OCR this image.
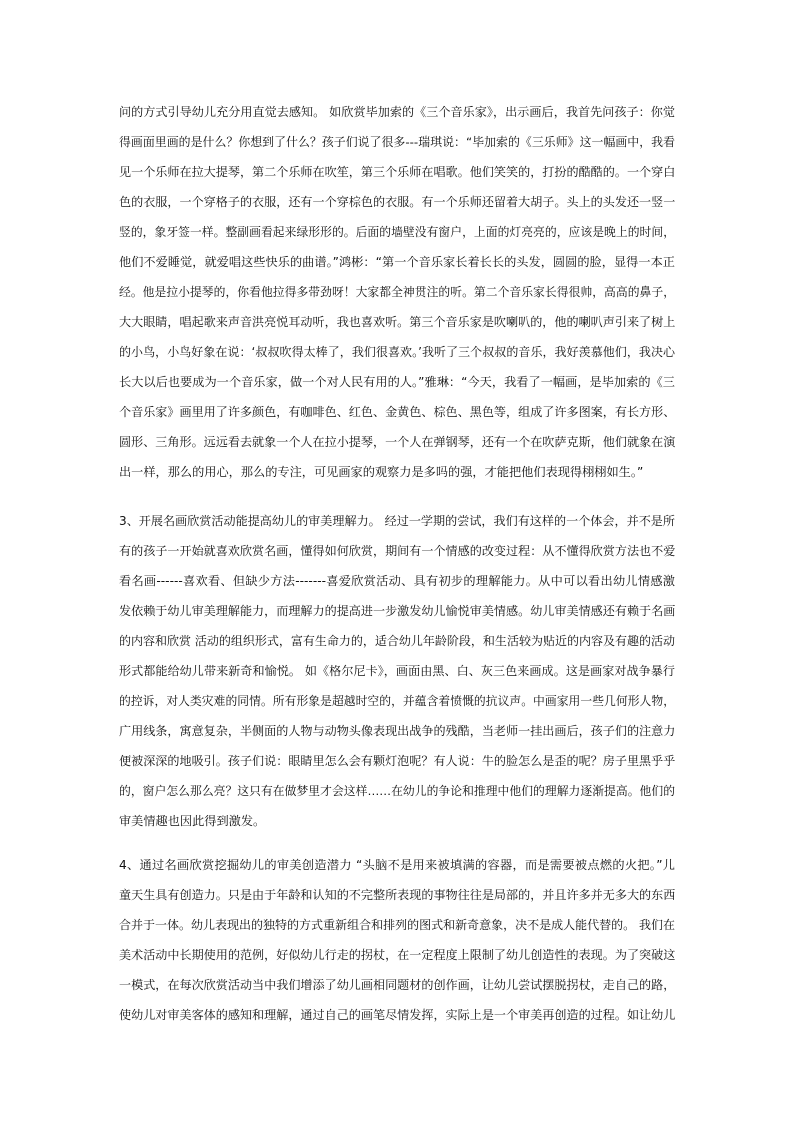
问的方式引导幼儿充分用直觉去感知。 如欣赏毕加索的《三个音乐家》，出示画后，我首先问孩子：你觉
得画面里画的是什么？你想到了什么？孩子们说了很多---瑞琪说：“毕加索的《三乐师》这一幅画中，我看
见一个乐师在拉大提琴，第二个乐师在吹笙，第三个乐师在唱歌。他们笑笑的，打扮的酷酷的。一个穿白
色的衣服，一个穿格子的衣服，还有一个穿棕色的衣服。有一个乐师还留着大胡子。头上的头发还一竖一
竖的，象牙签一样。整副画看起来绿形形的。后面的墙壁没有窗户，上面的灯亮亮的，应该是晚上的时间，
他们不爱睡觉，就爱唱这些快乐的曲谱。”鸿彬：“第一个音乐家长着长长的头发，圆圆的脸，显得一本正
经。他是拉小提琴的，你看他拉得多带劲呀！大家都全神贯注的听。第二个音乐家长得很帅，高高的鼻子，
大大眼睛，唱起歌来声音洪亮悦耳动听，我也喜欢听。第三个音乐家是吹喇叭的，他的喇叭声引来了树上
的小鸟，小鸟好象在说：‘叔叔吹得太棒了，我们很喜欢。’我听了三个叔叔的音乐，我好羡慕他们，我决心
长大以后也要成为一个音乐家，做一个对人民有用的人。”雅琳：“今天，我看了一幅画，是毕加索的《三
个音乐家》画里用了许多颜色，有咖啡色、红色、金黄色、棕色、黑色等，组成了许多图案，有长方形、
圆形、三角形。远远看去就象一个人在拉小提琴，一个人在弹钢琴，还有一个在吹萨克斯，他们就象在演
出一样，那么的用心，那么的专注，可见画家的观察力是多吗的强，才能把他们表现得栩栩如生。”
3、开展名画欣赏活动能提高幼儿的审美理解力。 经过一学期的尝试，我们有这样的一个体会，并不是所
有的孩子一开始就喜欢欣赏名画，懂得如何欣赏，期间有一个情感的改变过程：从不懂得欣赏方法也不爱
看名画------喜欢看、但缺少方法-------喜爱欣赏活动、具有初步的理解能力。从中可以看出幼儿情感激
发依赖于幼儿审美理解能力，而理解力的提高进一步激发幼儿愉悦审美情感。幼儿审美情感还有赖于名画
的内容和欣赏 活动的组织形式，富有生命力的，适合幼儿年龄阶段，和生活较为贴近的内容及有趣的活动
形式都能给幼儿带来新奇和愉悦。 如《格尔尼卡》，画面由黑、白、灰三色来画成。这是画家对战争暴行
的控诉，对人类灾难的同情。所有形象是超越时空的，并蕴含着愤慨的抗议声。中画家用一些几何形人物，
广用线条，寓意复杂，半侧面的人物与动物头像表现出战争的残酷，当老师一挂出画后，孩子们的注意力
便被深深的地吸引。孩子们说：眼睛里怎么会有颗灯泡呢？有人说：牛的脸怎么是歪的呢？房子里黑乎乎
的，窗户怎么那么亮？这只有在做梦里才会这样……在幼儿的争论和推理中他们的理解力逐渐提高。他们的
审美情趣也因此得到激发。
4、通过名画欣赏挖掘幼儿的审美创造潜力 “头脑不是用来被填满的容器，而是需要被点燃的火把。”儿
童天生具有创造力。只是由于年龄和认知的不完整所表现的事物往往是局部的，并且许多并无多大的东西
合并于一体。幼儿表现出的独特的方式重新组合和排列的图式和新奇意象，决不是成人能代替的。 我们在
美术活动中长期使用的范例，好似幼儿行走的拐杖，在一定程度上限制了幼儿创造性的表现。为了突破这
一模式，在每次欣赏活动当中我们增添了幼儿画相同题材的创作画，让幼儿尝试摆脱拐杖，走自己的路，
使幼儿对审美客体的感知和理解，通过自己的画笔尽情发挥，实际上是一个审美再创造的过程。如让幼儿
